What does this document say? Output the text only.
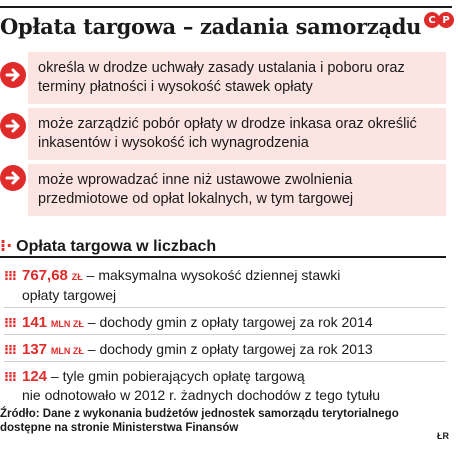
Opłata targowa – zadania samorządu C P
określa w drodze uchwały zasady ustalania i poboru oraz
terminy płatności i wysokość stawek opłaty
może zarządzić pobór opłaty w drodze inkasa oraz określić
inkasentów i wysokość ich wynagrodzenia
może wprowadzać inne niż ustawowe zwolnienia
przedmiotowe od opłat lokalnych, w tym targowej
⁝⋅ Opłata targowa w liczbach
⁝⁝⁝ 767,68 ZŁ – maksymalna wysokość dziennej stawki
opłaty targowej
⁝⁝⁝ 141 MLN ZŁ – dochody gmin z opłaty targowej za rok 2014
⁝⁝⁝ 137 MLN ZŁ – dochody gmin z opłaty targowej za rok 2013
⁝⁝⁝ 124 – tyle gmin pobierających opłatę targową
nie odnotowało w 2012 r. żadnych dochodów z tego tytułu
Źródło: Dane z wykonania budżetów jednostek samorządu terytorialnego
dostępne na stronie Ministerstwa Finansów
ŁR
